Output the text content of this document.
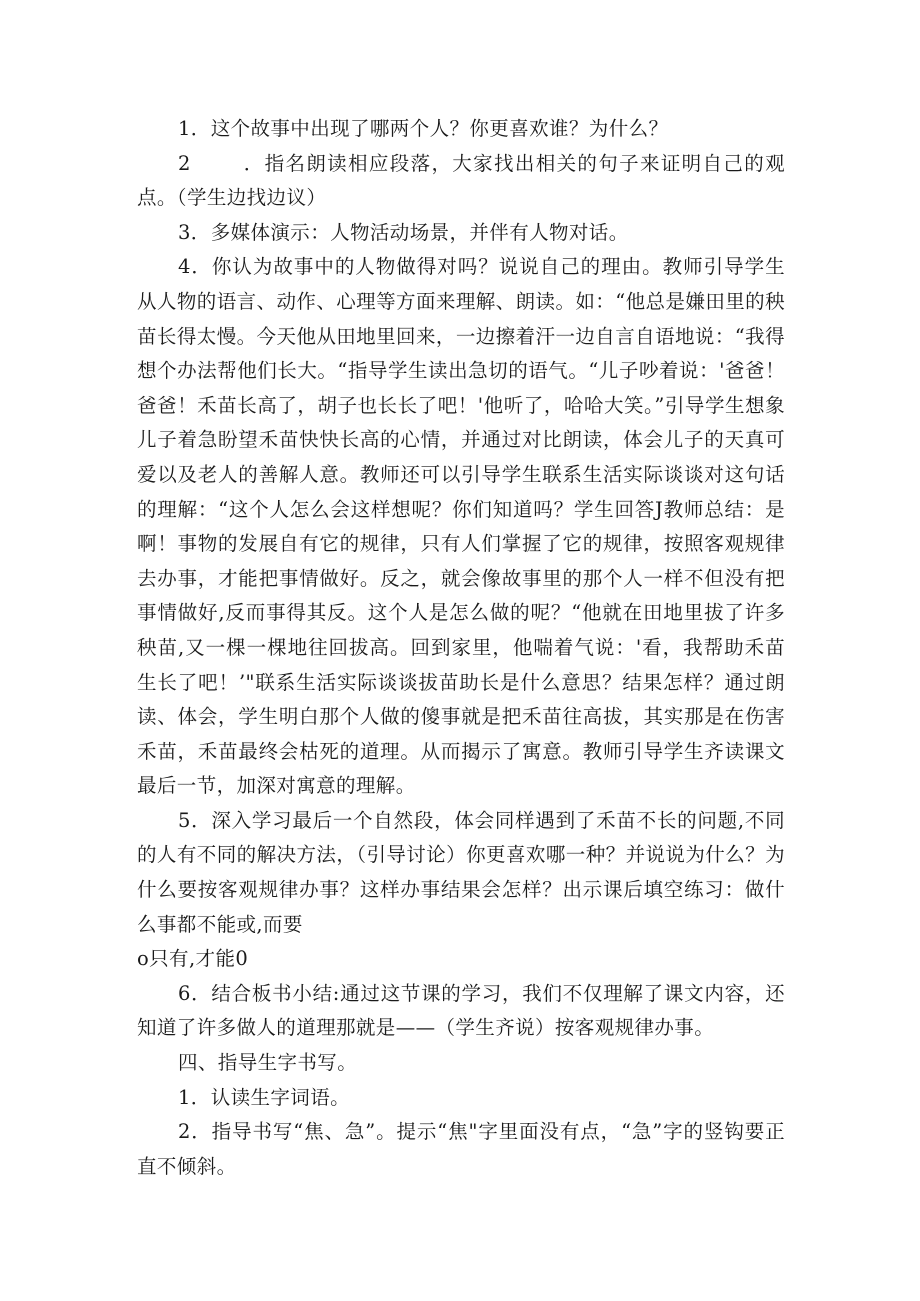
1．这个故事中出现了哪两个人？你更喜欢谁？为什么？

2	．指名朗读相应段落，大家找出相关的句子来证明自己的观点。（学生边找边议）

3．多媒体演示：人物活动场景，并伴有人物对话。

4．你认为故事中的人物做得对吗？说说自己的理由。教师引导学生从人物的语言、动作、心理等方面来理解、朗读。如：“他总是嫌田里的秧苗长得太慢。今天他从田地里回来，一边擦着汗一边自言自语地说：“我得想个办法帮他们长大。“指导学生读出急切的语气。“儿子吵着说：'爸爸！爸爸！禾苗长高了，胡子也长长了吧！'他听了，哈哈大笑。”引导学生想象儿子着急盼望禾苗快快长高的心情，并通过对比朗读，体会儿子的天真可爱以及老人的善解人意。教师还可以引导学生联系生活实际谈谈对这句话的理解：“这个人怎么会这样想呢？你们知道吗？学生回答J教师总结：是啊！事物的发展自有它的规律，只有人们掌握了它的规律，按照客观规律去办事，才能把事情做好。反之，就会像故事里的那个人一样不但没有把事情做好,反而事得其反。这个人是怎么做的呢？“他就在田地里拔了许多秧苗,又一棵一棵地往回拔高。回到家里，他喘着气说：'看，我帮助禾苗生长了吧！’"联系生活实际谈谈拔苗助长是什么意思？结果怎样？通过朗读、体会，学生明白那个人做的傻事就是把禾苗往高拔，其实那是在伤害禾苗，禾苗最终会枯死的道理。从而揭示了寓意。教师引导学生齐读课文最后一节，加深对寓意的理解。

5．深入学习最后一个自然段，体会同样遇到了禾苗不长的问题,不同的人有不同的解决方法，（引导讨论）你更喜欢哪一种？并说说为什么？为什么要按客观规律办事？这样办事结果会怎样？出示课后填空练习：做什么事都不能或,而要

o只有,才能0

6．结合板书小结:通过这节课的学习，我们不仅理解了课文内容，还知道了许多做人的道理那就是——（学生齐说）按客观规律办事。

四、指导生字书写。

1．认读生字词语。

2．指导书写“焦、急”。提示“焦"字里面没有点，“急”字的竖钩要正直不倾斜。
